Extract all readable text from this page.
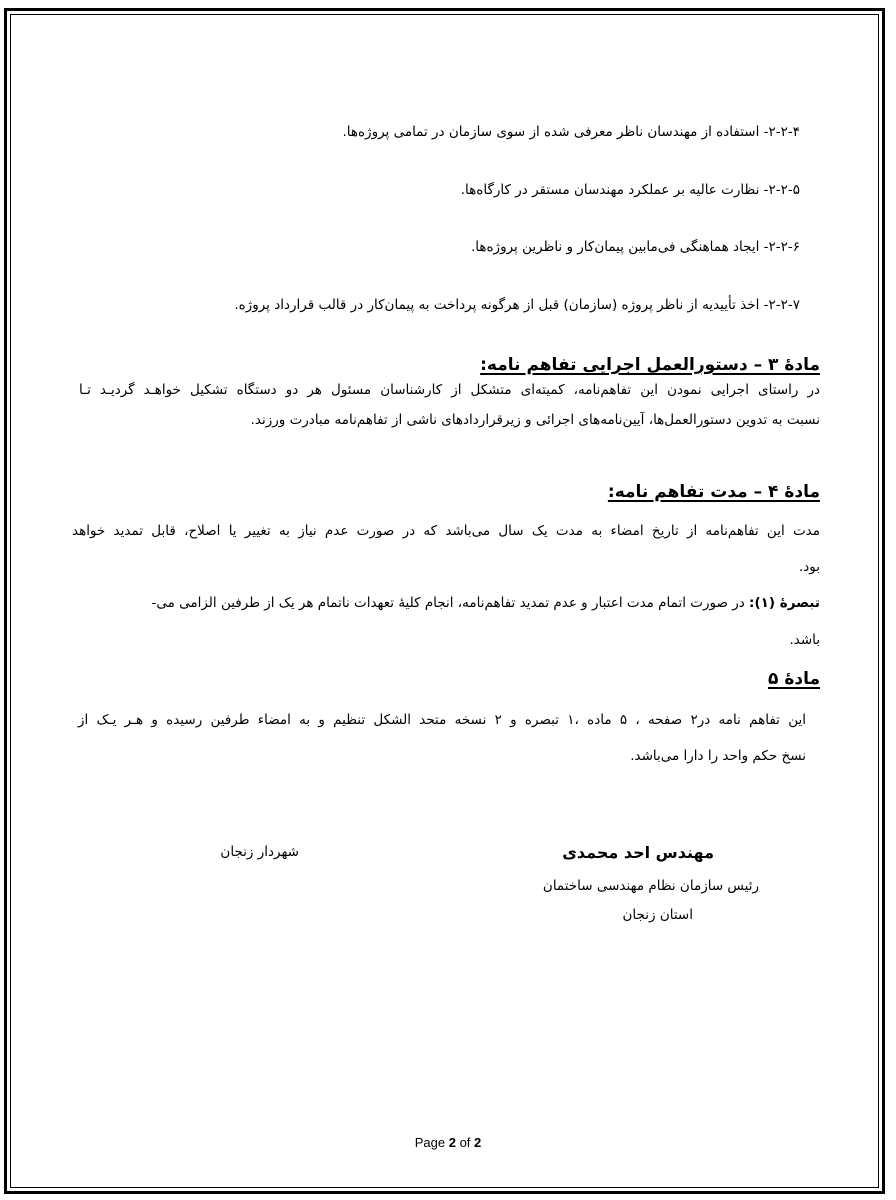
۲-۲-۴- استفاده از مهندسان ناظر معرفی شده از سوی سازمان در تمامی پروژه‌ها.
۲-۲-۵- نظارت عالیه بر عملکرد مهندسان مستقر در کارگاه‌ها.
۲-۲-۶- ایجاد هماهنگی فی‌مابین پیمان‌کار و ناظرین پروژه‌ها.
۲-۲-۷- اخذ تأییدیه از ناظر پروژه (سازمان) قبل از هرگونه پرداخت به پیمان‌کار در قالب قرارداد پروژه.
مادهٔ ۳ – دستورالعمل اجرایی تفاهم نامه:
در راستای اجرایی نمودن این تفاهم‌نامه، کمیته‌ای متشکل از کارشناسان مسئول هر دو دستگاه تشکیل خواهـد گردیـد تـا
نسبت به تدوین دستورالعمل‌ها، آیین‌نامه‌های اجرائی و زیرقراردادهای ناشی از تفاهم‌نامه مبادرت ورزند.
مادهٔ ۴ – مدت تفاهم نامه:
مدت این تفاهم‌نامه از تاریخ امضاء به مدت یک سال می‌باشد که در صورت عدم نیاز به تغییر یا اصلاح، قابل تمدید خواهد
بود.
تبصرهٔ (۱): در صورت اتمام مدت اعتبار و عدم تمدید تفاهم‌نامه، انجام کلیهٔ تعهدات ناتمام هر یک از طرفین الزامی می-
باشد.
مادهٔ ۵
این تفاهم نامه در۲ صفحه ، ۵ ماده ،۱ تبصره و ۲ نسخه متحد الشکل تنظیم و به امضاء طرفین رسیده و هـر یـک از
نسخ حکم واحد را دارا می‌باشد.
مهندس احد محمدی
رئیس سازمان نظام مهندسی ساختمان
استان زنجان
شهردار زنجان
Page 2 of 2
